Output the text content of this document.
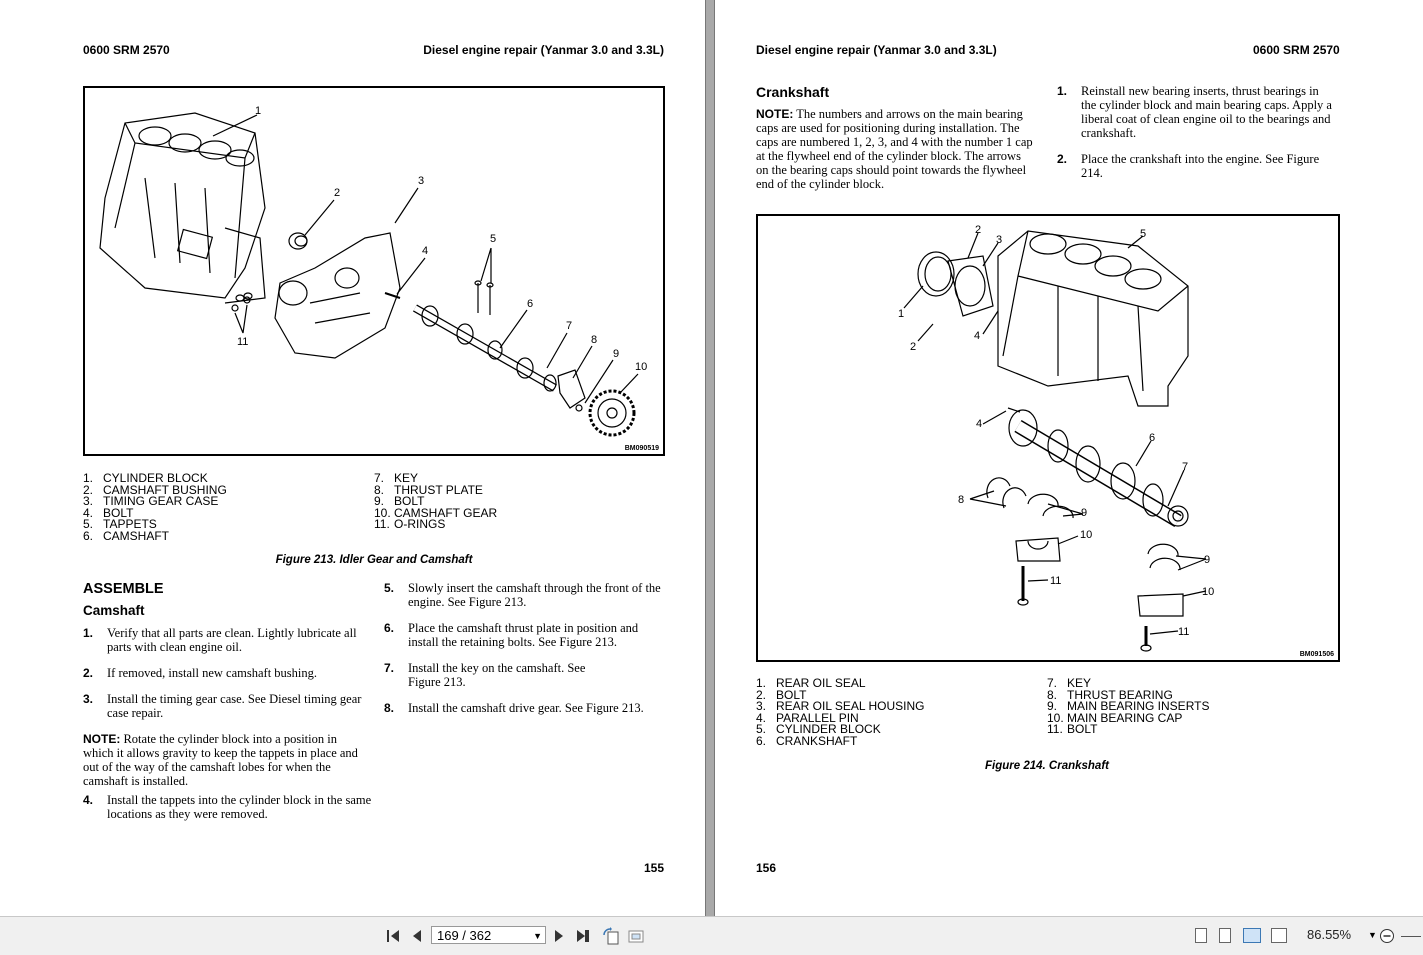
0600 SRM 2570	Diesel engine repair (Yanmar 3.0 and 3.3L)
1
2
3
4
5
6
7
8
9
10
11
BM090519
1. CYLINDER BLOCK
2. CAMSHAFT BUSHING
3. TIMING GEAR CASE
4. BOLT
5. TAPPETS
6. CAMSHAFT
7. KEY
8. THRUST PLATE
9. BOLT
10. CAMSHAFT GEAR
11. O-RINGS
Figure 213. Idler Gear and Camshaft
ASSEMBLE
Camshaft
1. Verify that all parts are clean. Lightly lubricate all parts with clean engine oil.
2. If removed, install new camshaft bushing.
3. Install the timing gear case. See Diesel timing gear case repair.
NOTE: Rotate the cylinder block into a position in which it allows gravity to keep the tappets in place and out of the way of the camshaft lobes for when the camshaft is installed.
4. Install the tappets into the cylinder block in the same locations as they were removed.
5. Slowly insert the camshaft through the front of the engine. See Figure 213.
6. Place the camshaft thrust plate in position and install the retaining bolts. See Figure 213.
7. Install the key on the camshaft. See Figure 213.
8. Install the camshaft drive gear. See Figure 213.
155
Diesel engine repair (Yanmar 3.0 and 3.3L)	0600 SRM 2570
Crankshaft
NOTE: The numbers and arrows on the main bearing caps are used for positioning during installation. The caps are numbered 1, 2, 3, and 4 with the number 1 cap at the flywheel end of the cylinder block. The arrows on the bearing caps should point towards the flywheel end of the cylinder block.
1. Reinstall new bearing inserts, thrust bearings in the cylinder block and main bearing caps. Apply a liberal coat of clean engine oil to the bearings and crankshaft.
2. Place the crankshaft into the engine. See Figure 214.
1
2
2
3
4
4
5
6
7
8
9
9
10
10
11
11
BM091506
1. REAR OIL SEAL
2. BOLT
3. REAR OIL SEAL HOUSING
4. PARALLEL PIN
5. CYLINDER BLOCK
6. CRANKSHAFT
7. KEY
8. THRUST BEARING
9. MAIN BEARING INSERTS
10. MAIN BEARING CAP
11. BOLT
Figure 214. Crankshaft
156
169 / 362	▼	86.55% ▼
